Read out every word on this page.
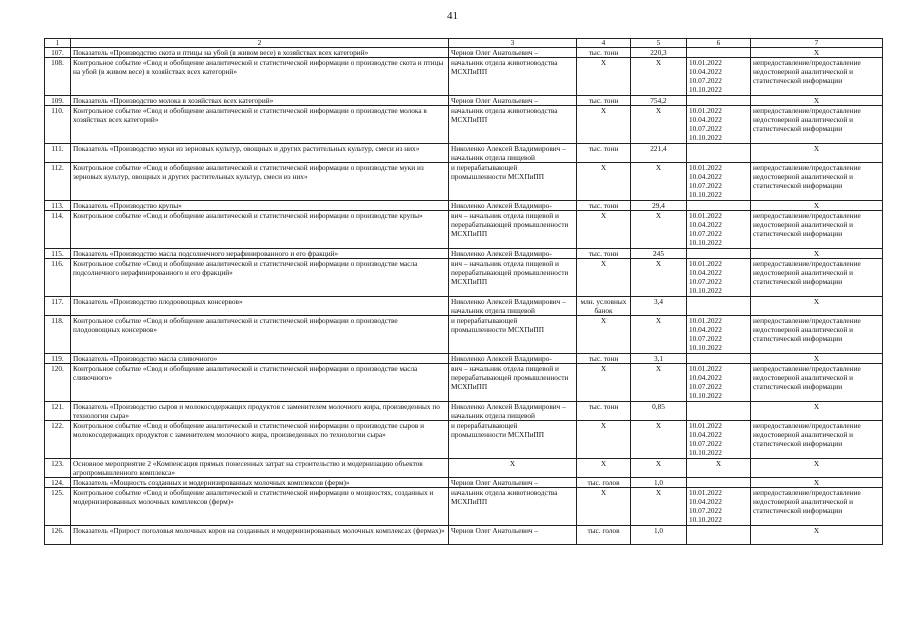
41
1	2	3	4	5	6	7
107.	Показатель «Производство скота и птицы на убой (в живом весе) в хозяйствах всех категорий»	Чернов Олег Анатольевич –	тыс. тонн	220,3		X
108.	Контрольное событие «Свод и обобщение аналитической и статистической информации о производстве скота и птицы на убой (в живом весе) в хозяйствах всех категорий»	начальник отдела животноводства МСХПиПП	X	X	10.01.2022
10.04.2022
10.07.2022
10.10.2022	непредоставление/предоставление недостоверной аналитической и статистической информации
109.	Показатель «Производство молока в хозяйствах всех категорий»	Чернов Олег Анатольевич –	тыс. тонн	754,2		X
110.	Контрольное событие «Свод и обобщение аналитической и статистической информации о производстве молока в хозяйствах всех категорий»	начальник отдела животноводства МСХПиПП	X	X	10.01.2022
10.04.2022
10.07.2022
10.10.2022	непредоставление/предоставление недостоверной аналитической и статистической информации
111.	Показатель «Производство муки из зерновых культур, овощных и других растительных культур, смеси из них»	Николенко Алексей Владимирович – начальник отдела пищевой	тыс. тонн	221,4		X
112.	Контрольное событие «Свод и обобщение аналитической и статистической информации о производстве муки из зерновых культур, овощных и других растительных культур, смеси из них»	и перерабатывающей промышленности МСХПиПП	X	X	10.01.2022
10.04.2022
10.07.2022
10.10.2022	непредоставление/предоставление недостоверной аналитической и статистической информации
113.	Показатель «Производство крупы»	Николенко Алексей Владимиро-	тыс. тонн	29,4		X
114.	Контрольное событие «Свод и обобщение аналитической и статистической информации о производстве крупы»	вич – начальник отдела пищевой и перерабатывающей промышленности МСХПиПП	X	X	10.01.2022
10.04.2022
10.07.2022
10.10.2022	непредоставление/предоставление недостоверной аналитической и статистической информации
115.	Показатель «Производство масла подсолнечного нерафинированного и его фракций»	Николенко Алексей Владимиро-	тыс. тонн	245		X
116.	Контрольное событие «Свод и обобщение аналитической и статистической информации о производстве масла подсолнечного нерафинированного и его фракций»	вич – начальник отдела пищевой и перерабатывающей промышленности МСХПиПП	X	X	10.01.2022
10.04.2022
10.07.2022
10.10.2022	непредоставление/предоставление недостоверной аналитической и статистической информации
117.	Показатель «Производство плодоовощных консервов»	Николенко Алексей Владимирович – начальник отдела пищевой	млн. условных банок	3,4		X
118.	Контрольное событие «Свод и обобщение аналитической и статистической информации о производстве плодоовощных консервов»	и перерабатывающей промышленности МСХПиПП	X	X	10.01.2022
10.04.2022
10.07.2022
10.10.2022	непредоставление/предоставление недостоверной аналитической и статистической информации
119.	Показатель «Производство масла сливочного»	Николенко Алексей Владимиро-	тыс. тонн	3,1		X
120.	Контрольное событие «Свод и обобщение аналитической и статистической информации о производстве масла сливочного»	вич – начальник отдела пищевой и перерабатывающей промышленности МСХПиПП	X	X	10.01.2022
10.04.2022
10.07.2022
10.10.2022	непредоставление/предоставление недостоверной аналитической и статистической информации
121.	Показатель «Производство сыров и молокосодержащих продуктов с заменителем молочного жира, произведенных по технологии сыра»	Николенко Алексей Владимирович – начальник отдела пищевой	тыс. тонн	0,85		X
122.	Контрольное событие «Свод и обобщение аналитической и статистической информации о производстве сыров и молокосодержащих продуктов с заменителем молочного жира, произведенных по технологии сыра»	и перерабатывающей промышленности МСХПиПП	X	X	10.01.2022
10.04.2022
10.07.2022
10.10.2022	непредоставление/предоставление недостоверной аналитической и статистической информации
123.	Основное мероприятие 2 «Компенсация прямых понесенных затрат на строительство и модернизацию объектов агропромышленного комплекса»	X	X	X	X	X
124.	Показатель «Мощность созданных и модернизированных молочных комплексов (ферм)»	Чернов Олег Анатольевич –	тыс. голов	1,0		X
125.	Контрольное событие «Свод и обобщение аналитической и статистической информации о мощностях, созданных и модернизированных молочных комплексов (ферм)»	начальник отдела животноводства МСХПиПП	X	X	10.01.2022
10.04.2022
10.07.2022
10.10.2022	непредоставление/предоставление недостоверной аналитической и статистической информации
126.	Показатель «Прирост поголовья молочных коров на созданных и модернизированных молочных комплексах (фермах)»	Чернов Олег Анатольевич –	тыс. голов	1,0		X
